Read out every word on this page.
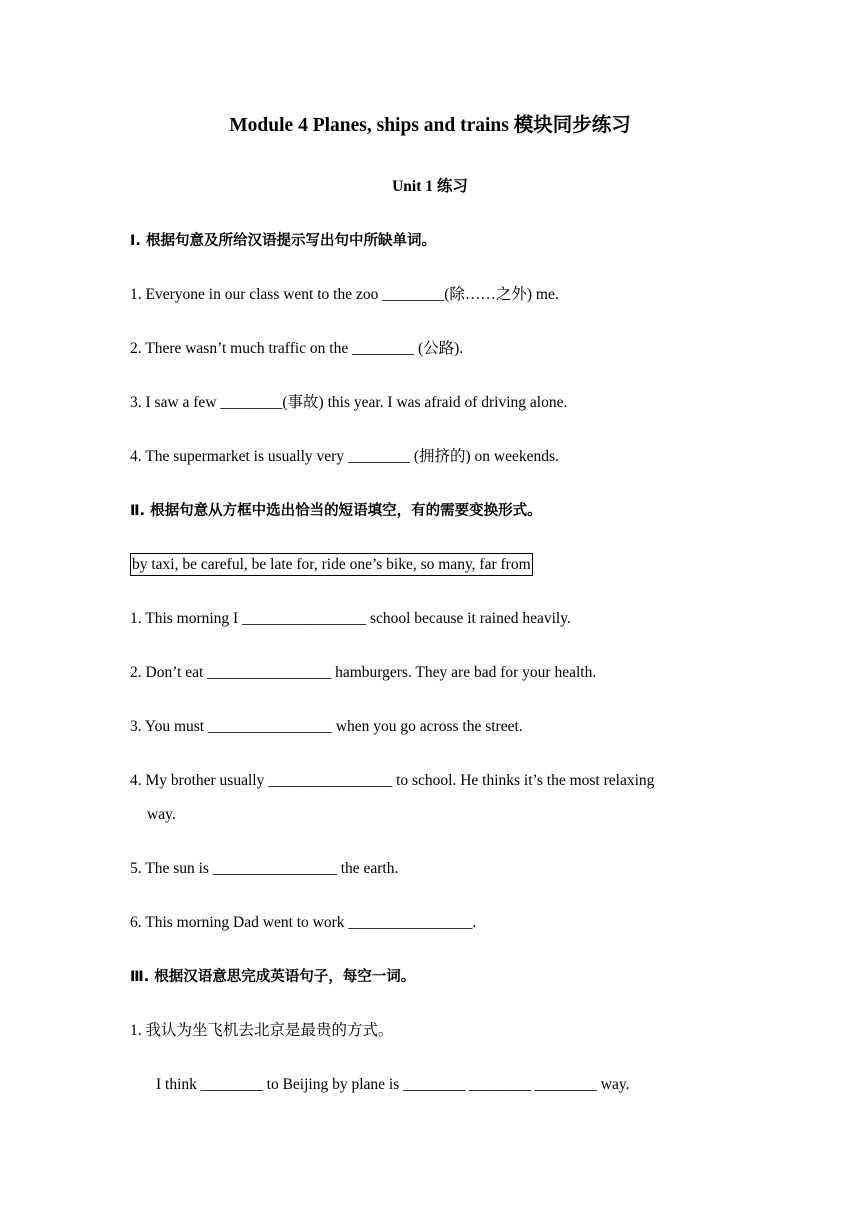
Module 4 Planes, ships and trains 模块同步练习
Unit 1 练习
Ⅰ. 根据句意及所给汉语提示写出句中所缺单词。
1. Everyone in our class went to the zoo ________(除……之外) me.
2. There wasn’t much traffic on the ________ (公路).
3. I saw a few ________(事故) this year. I was afraid of driving alone.
4. The supermarket is usually very ________ (拥挤的) on weekends.
Ⅱ. 根据句意从方框中选出恰当的短语填空，有的需要变换形式。
by taxi, be careful, be late for, ride one’s bike, so many, far from
1. This morning I ________________ school because it rained heavily.
2. Don’t eat ________________ hamburgers. They are bad for your health.
3. You must ________________ when you go across the street.
4. My brother usually ________________ to school. He thinks it’s the most relaxing
way.
5. The sun is ________________ the earth.
6. This morning Dad went to work ________________.
Ⅲ. 根据汉语意思完成英语句子，每空一词。
1. 我认为坐飞机去北京是最贵的方式。
I think ________ to Beijing by plane is ________ ________ ________ way.
